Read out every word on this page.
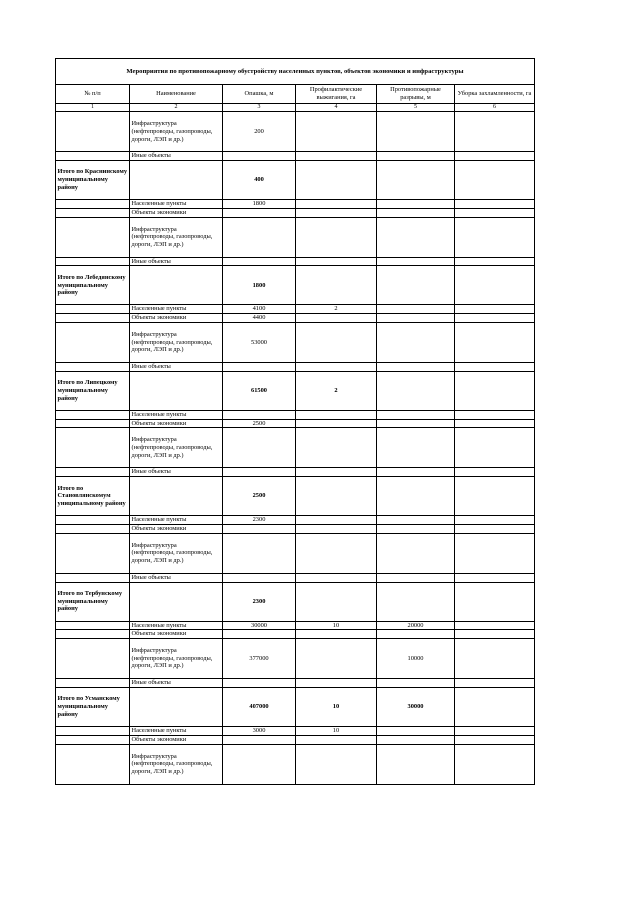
Мероприятия по противопожарному обустройству населенных пунктов, объектов экономики и инфраструктуры					
№ п/п	Наименование	Опашка, м	Профилактические выжигания, га	Противопожарные разрывы, м	Уборка захламленности, га
1	2	3	4	5	6
	Инфраструктура (нефтепроводы, газопроводы, дороги, ЛЭП и др.)	200			
	Иные объекты				
Итого по Краснинскому муниципальному району		400			
	Населенные пункты	1800			
	Объекты экономики				
	Инфраструктура (нефтепроводы, газопроводы, дороги, ЛЭП и др.)				
	Иные объекты				
Итого по Лебедянскому муниципальному району		1800			
	Населенные пункты	4100	2		
	Объекты экономики	4400			
	Инфраструктура (нефтепроводы, газопроводы, дороги, ЛЭП и др.)	53000			
	Иные объекты				
Итого по Липецкому муниципальному району		61500	2		
	Населенные пункты				
	Объекты экономики	2500			
	Инфраструктура (нефтепроводы, газопроводы, дороги, ЛЭП и др.)				
	Иные объекты				
Итого по Становлянскомум униципальному району		2500			
	Населенные пункты	2300			
	Объекты экономики				
	Инфраструктура (нефтепроводы, газопроводы, дороги, ЛЭП и др.)				
	Иные объекты				
Итого по Тербунскому муниципальному району		2300			
	Населенные пункты	30000	10	20000	
	Объекты экономики				
	Инфраструктура (нефтепроводы, газопроводы, дороги, ЛЭП и др.)	377000		10000	
	Иные объекты				
Итого по Усманскому муниципальному району		407000	10	30000	
	Населенные пункты	3000	10		
	Объекты экономики				
	Инфраструктура (нефтепроводы, газопроводы, дороги, ЛЭП и др.)				
